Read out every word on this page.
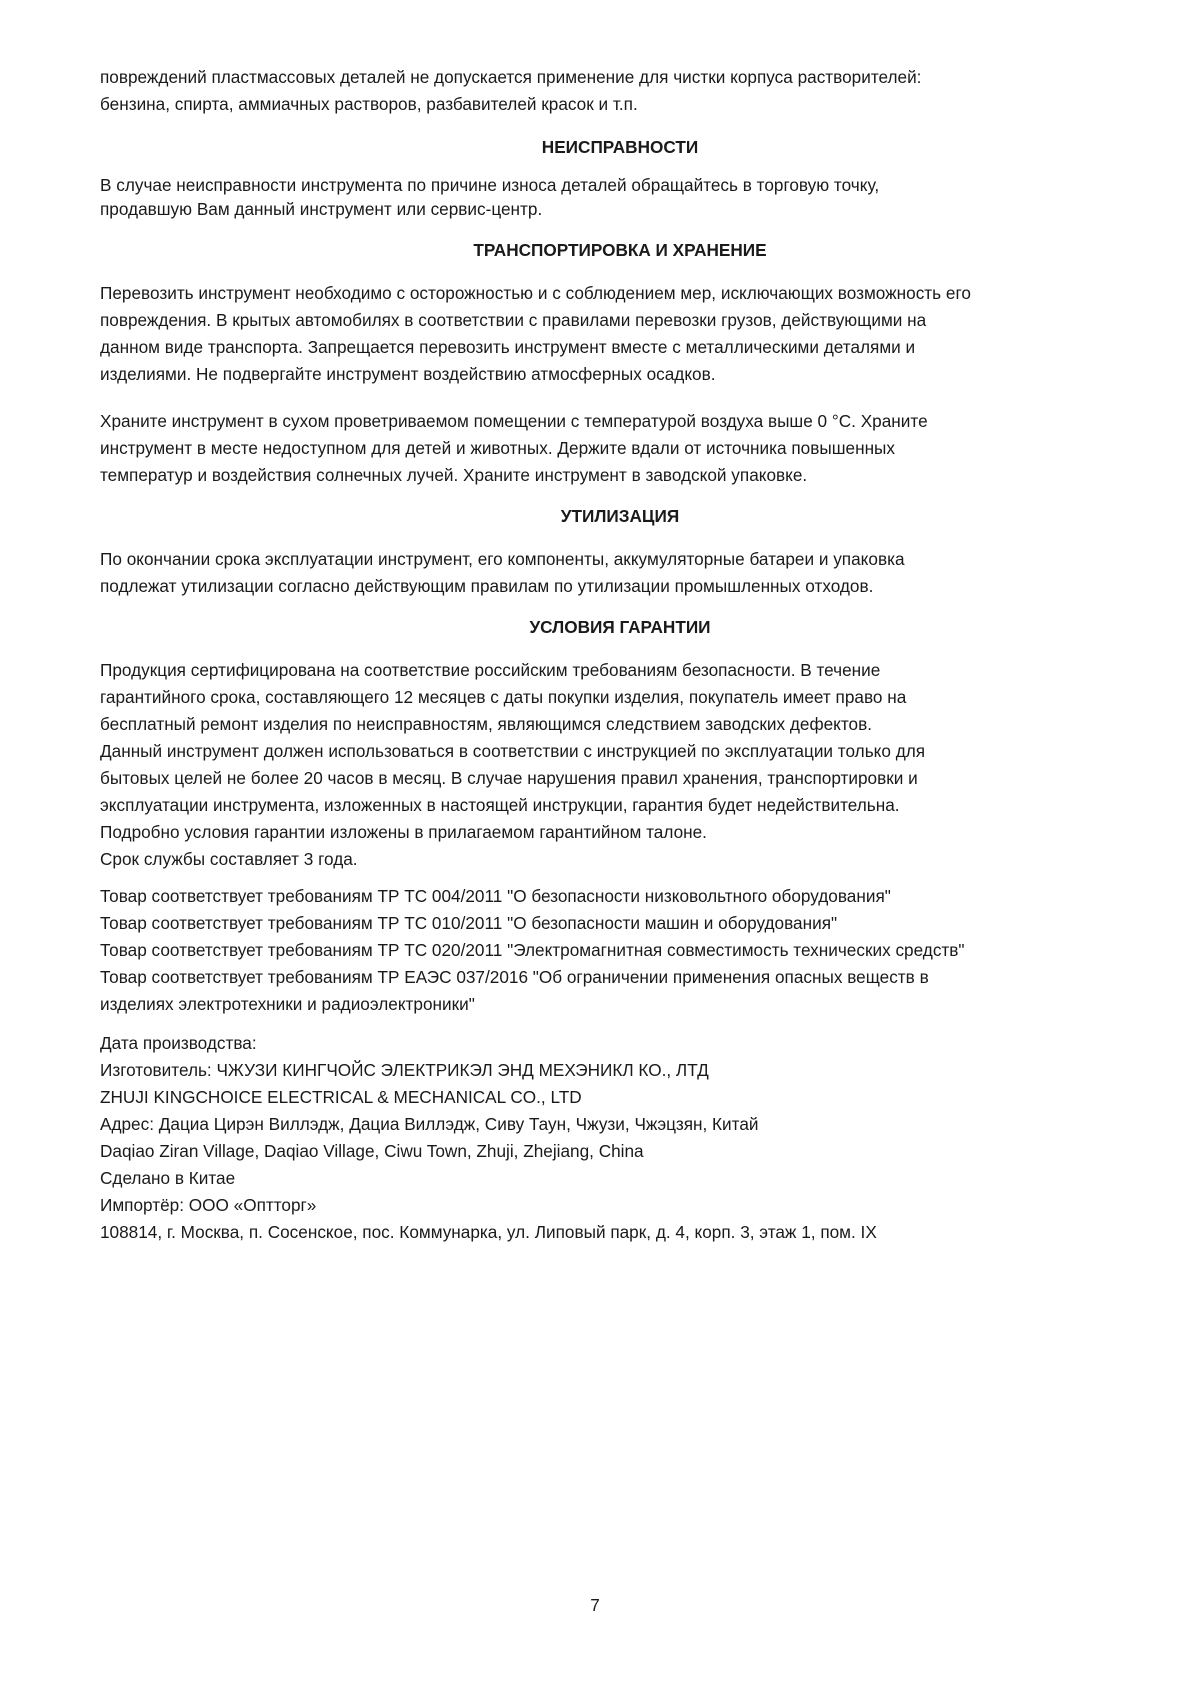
повреждений пластмассовых деталей не допускается применение для чистки корпуса растворителей:

бензина, спирта, аммиачных растворов, разбавителей красок и т.п.

НЕИСПРАВНОСТИ

В случае неисправности инструмента по причине износа деталей обращайтесь в торговую точку,

продавшую Вам данный инструмент или сервис-центр.

ТРАНСПОРТИРОВКА И ХРАНЕНИЕ

Перевозить инструмент необходимо с осторожностью и с соблюдением мер, исключающих возможность его

повреждения. В крытых автомобилях в соответствии с правилами перевозки грузов, действующими на

данном виде транспорта. Запрещается перевозить инструмент вместе с металлическими деталями и

изделиями. Не подвергайте инструмент воздействию атмосферных осадков.

Храните инструмент в сухом проветриваемом помещении с температурой воздуха выше 0 °С. Храните

инструмент в месте недоступном для детей и животных. Держите вдали от источника повышенных

температур и воздействия солнечных лучей. Храните инструмент в заводской упаковке.

УТИЛИЗАЦИЯ

По окончании срока эксплуатации инструмент, его компоненты, аккумуляторные батареи и упаковка

подлежат утилизации согласно действующим правилам по утилизации промышленных отходов.

УСЛОВИЯ ГАРАНТИИ

Продукция сертифицирована на соответствие российским требованиям безопасности. В течение

гарантийного срока, составляющего 12 месяцев с даты покупки изделия, покупатель имеет право на

бесплатный ремонт изделия по неисправностям, являющимся следствием заводских дефектов.

Данный инструмент должен использоваться в соответствии с инструкцией по эксплуатации только для

бытовых целей не более 20 часов в месяц. В случае нарушения правил хранения, транспортировки и

эксплуатации инструмента, изложенных в настоящей инструкции, гарантия будет недействительна.

Подробно условия гарантии изложены в прилагаемом гарантийном талоне.

Срок службы составляет 3 года.

Товар соответствует требованиям ТР ТС 004/2011 "О безопасности низковольтного оборудования"

Товар соответствует требованиям ТР ТС 010/2011 "О безопасности машин и оборудования"

Товар соответствует требованиям ТР ТС 020/2011 "Электромагнитная совместимость технических средств"

Товар соответствует требованиям ТР ЕАЭС 037/2016 "Об ограничении применения опасных веществ в

изделиях электротехники и радиоэлектроники"

Дата производства:

Изготовитель: ЧЖУЗИ КИНГЧОЙС ЭЛЕКТРИКЭЛ ЭНД МЕХЭНИКЛ КО., ЛТД

ZHUJI KINGCHOICE ELECTRICAL & MECHANICAL CO., LTD

Адрес: Дациа Цирэн Виллэдж, Дациа Виллэдж, Сиву Таун, Чжузи, Чжэцзян, Китай

Daqiao Ziran Village, Daqiao Village, Ciwu Town, Zhuji, Zhejiang, China

Сделано в Китае

Импортёр: ООО «Оптторг»

108814, г. Москва, п. Сосенское, пос. Коммунарка, ул. Липовый парк, д. 4, корп. 3, этаж 1, пом. IX

7
